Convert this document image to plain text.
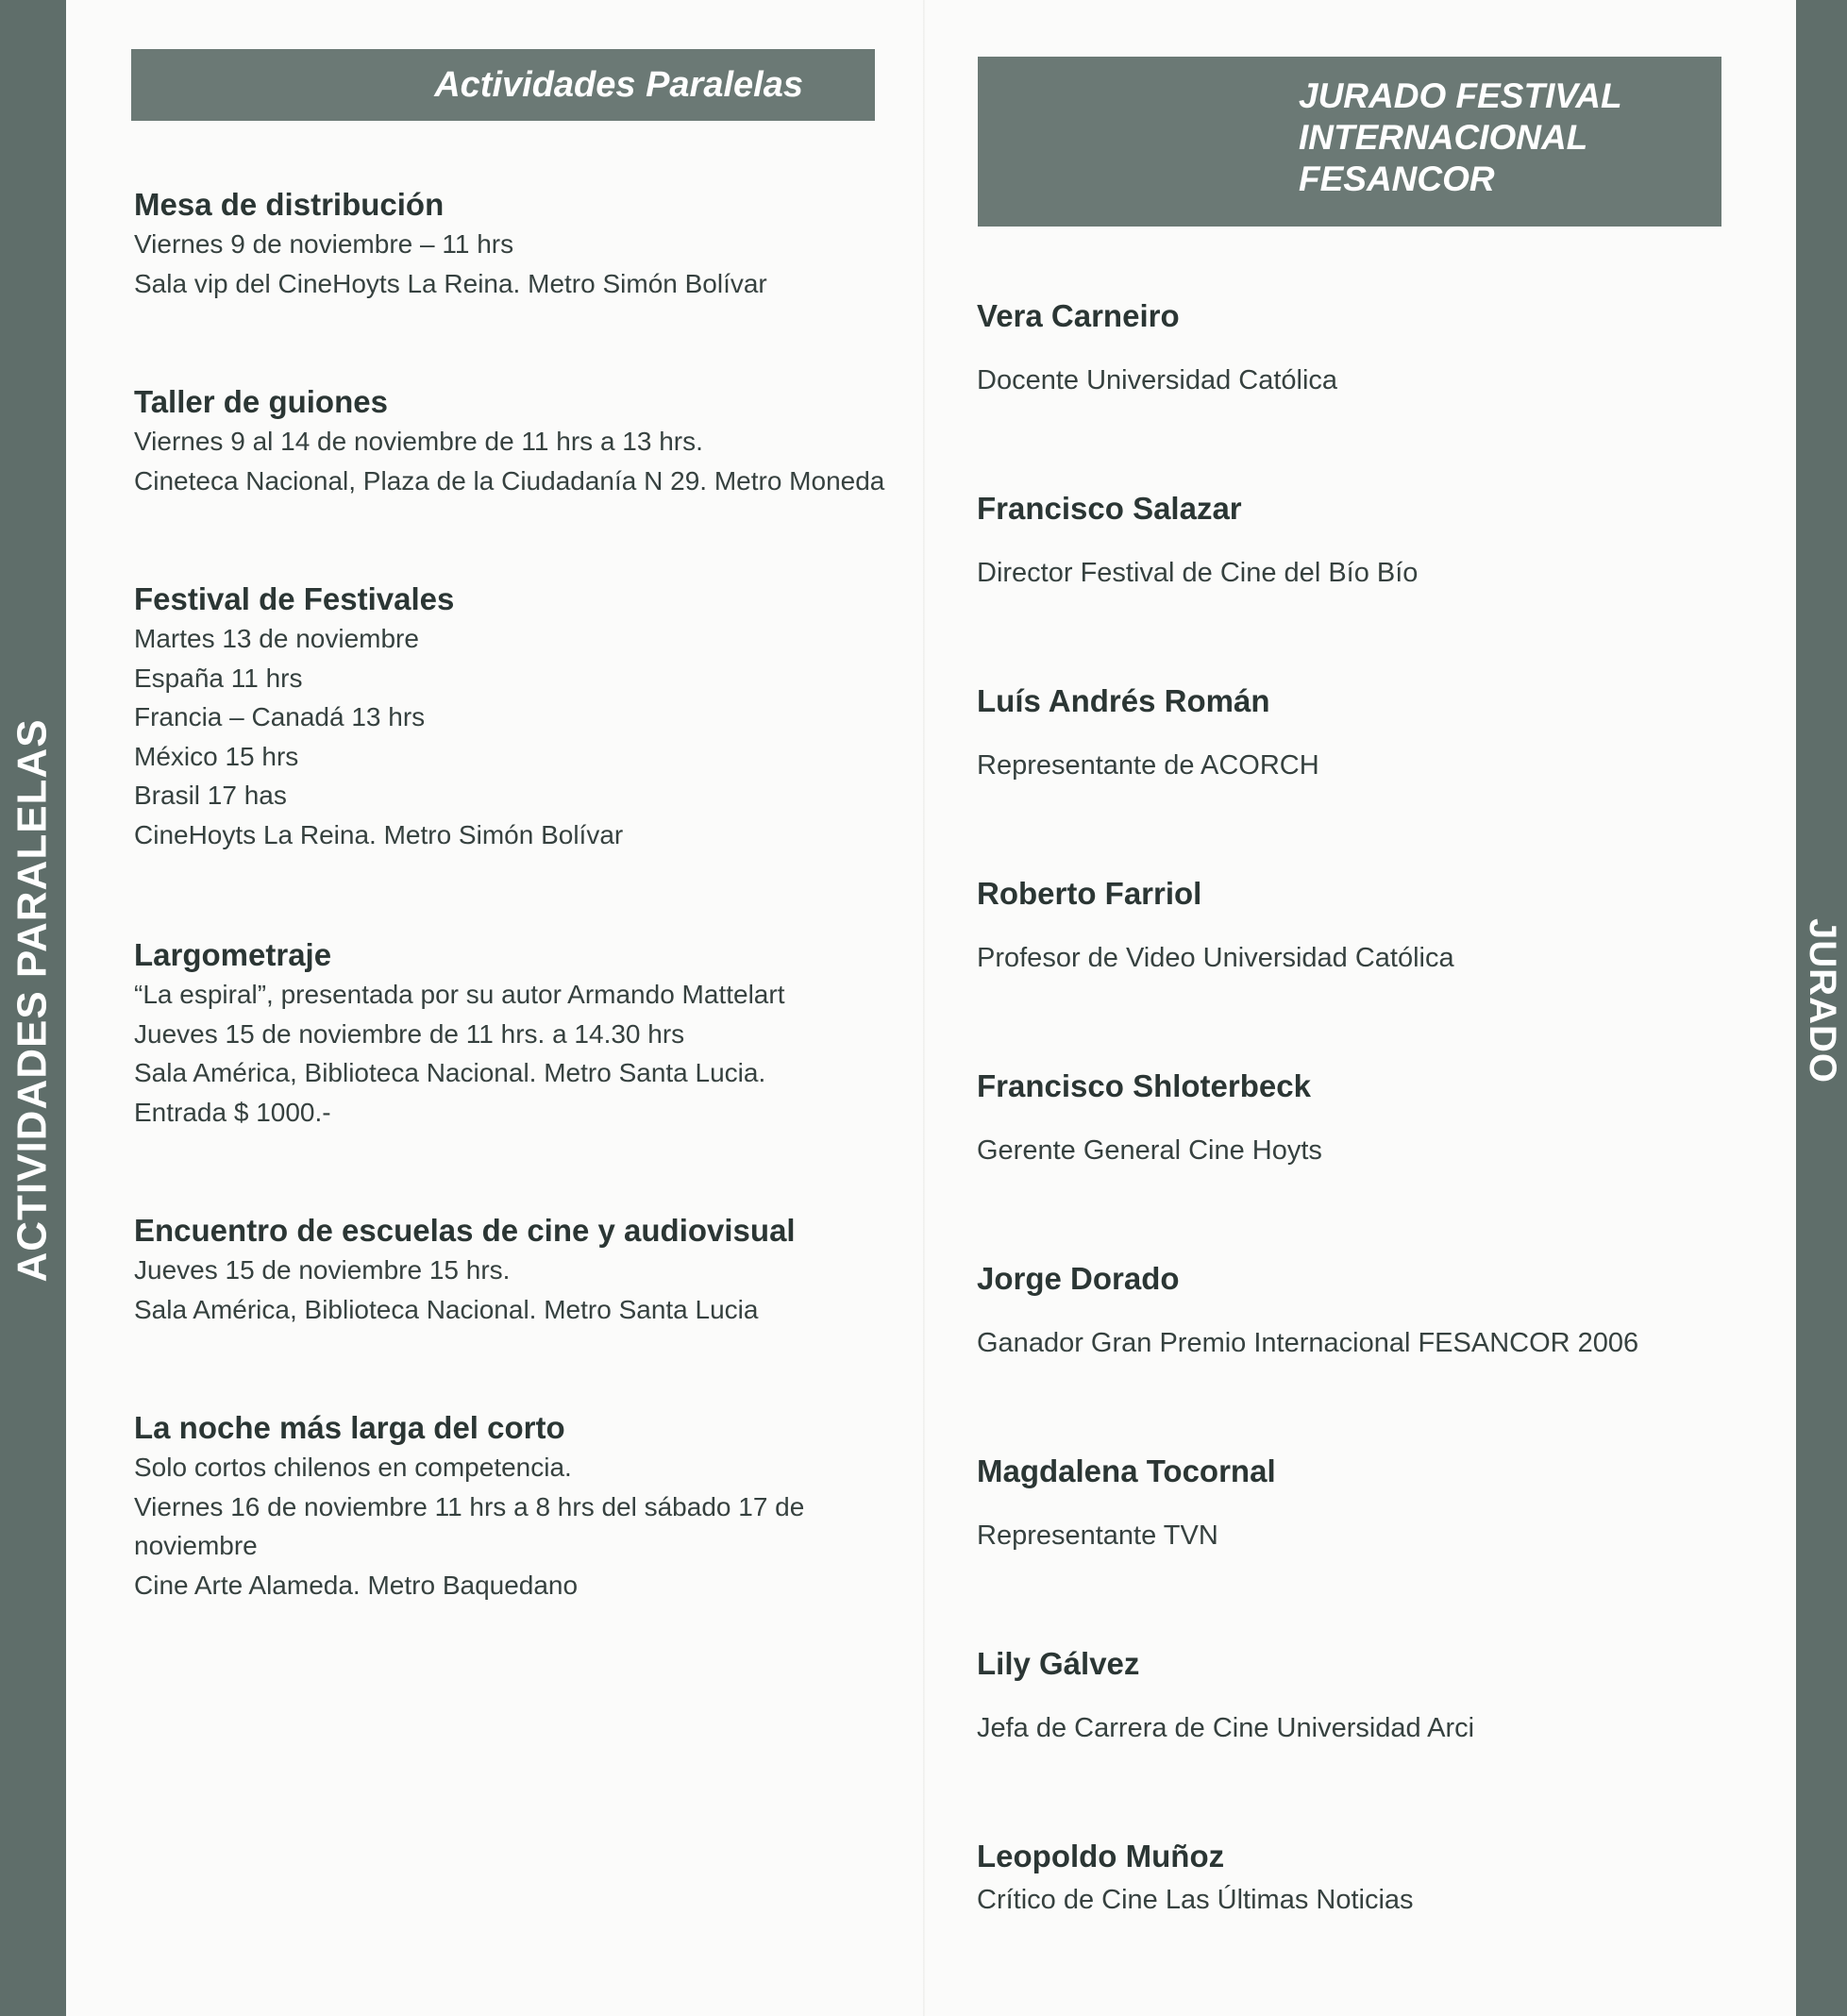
ACTIVIDADES PARALELAS	JURADO
Actividades Paralelas
Mesa de distribución
Viernes 9 de noviembre – 11 hrs
Sala vip del CineHoyts La Reina. Metro Simón Bolívar
Taller de guiones
Viernes 9 al 14 de noviembre de 11 hrs a 13 hrs.
Cineteca Nacional, Plaza de la Ciudadanía N 29. Metro Moneda
Festival de Festivales
Martes 13 de noviembre
España 11 hrs
Francia – Canadá 13 hrs
México 15 hrs
Brasil 17 has
CineHoyts La Reina. Metro Simón Bolívar
Largometraje
“La espiral”, presentada por su autor Armando Mattelart
Jueves 15 de noviembre de 11 hrs. a 14.30 hrs
Sala América, Biblioteca Nacional. Metro Santa Lucia.
Entrada $ 1000.-
Encuentro de escuelas de cine y audiovisual
Jueves 15 de noviembre 15 hrs.
Sala América, Biblioteca Nacional. Metro Santa Lucia
La noche más larga del corto
Solo cortos chilenos en competencia.
Viernes 16 de noviembre 11 hrs a 8 hrs del sábado 17 de
noviembre
Cine Arte Alameda. Metro Baquedano
JURADO FESTIVAL
INTERNACIONAL
FESANCOR
Vera Carneiro
Docente Universidad Católica
Francisco Salazar
Director Festival de Cine del Bío Bío
Luís Andrés Román
Representante de ACORCH
Roberto Farriol
Profesor de Video Universidad Católica
Francisco Shloterbeck
Gerente General Cine Hoyts
Jorge Dorado
Ganador Gran Premio Internacional FESANCOR 2006
Magdalena Tocornal
Representante TVN
Lily Gálvez
Jefa de Carrera de Cine Universidad Arci
Leopoldo Muñoz
Crítico de Cine Las Últimas Noticias
